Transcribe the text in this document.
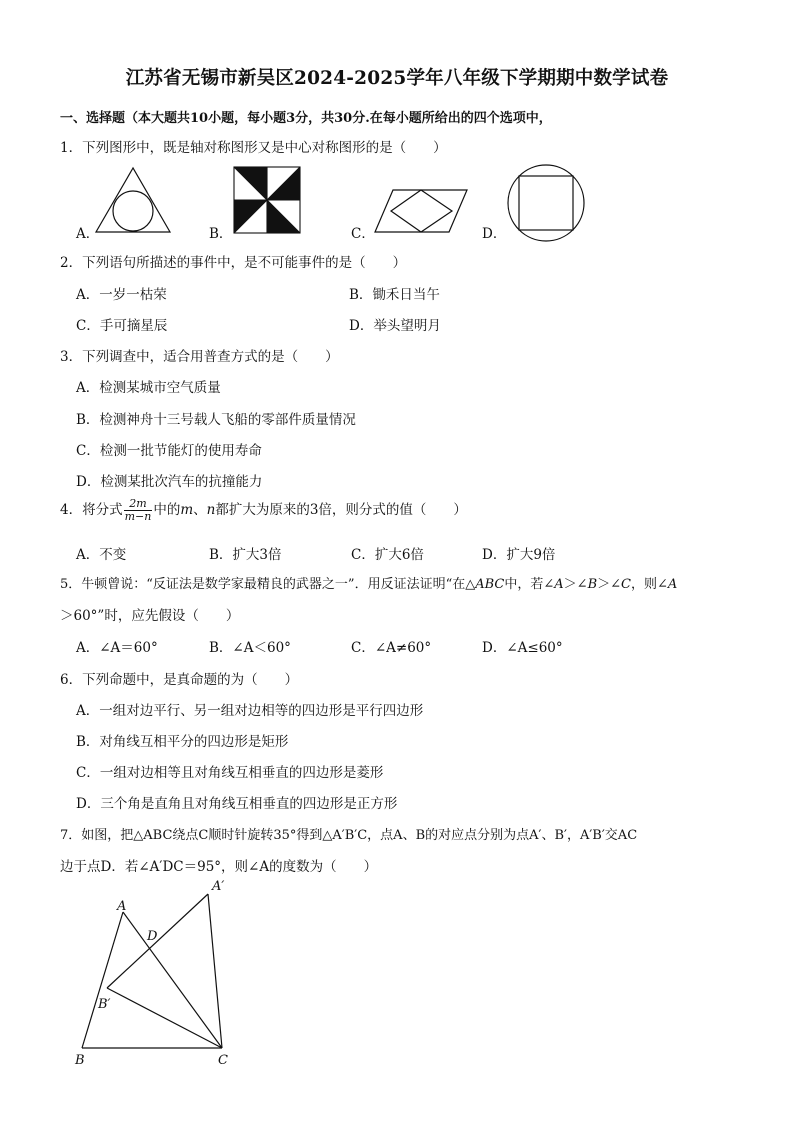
江苏省无锡市新吴区2024-2025学年八年级下学期期中数学试卷
一、选择题（本大题共10小题，每小题3分，共30分.在每小题所给出的四个选项中，
1．下列图形中，既是轴对称图形又是中心对称图形的是（　　）
A．	B．	C．	D．
2．下列语句所描述的事件中，是不可能事件的是（　　）
A．一岁一枯荣	B．锄禾日当午
C．手可摘星辰	D．举头望明月
3．下列调查中，适合用普查方式的是（　　）
A．检测某城市空气质量
B．检测神舟十三号载人飞船的零部件质量情况
C．检测一批节能灯的使用寿命
D．检测某批次汽车的抗撞能力
4．将分式 $\frac{2m}{m-n}$ 中的m、n都扩大为原来的3倍，则分式的值（　　）
A．不变	B．扩大3倍	C．扩大6倍	D．扩大9倍
5．牛顿曾说：“反证法是数学家最精良的武器之一”．用反证法证明“在△ABC中，若∠A＞∠B＞∠C，则∠A
＞60°”时，应先假设（　　）
A．∠A＝60°	B．∠A＜60°	C．∠A≠60°	D．∠A≤60°
6．下列命题中，是真命题的为（　　）
A．一组对边平行、另一组对边相等的四边形是平行四边形
B．对角线互相平分的四边形是矩形
C．一组对边相等且对角线互相垂直的四边形是菱形
D．三个角是直角且对角线互相垂直的四边形是正方形
7．如图，把△ABC绕点C顺时针旋转35°得到△A′B′C，点A、B的对应点分别为点A′、B′，A′B′交AC
边于点D．若∠A′DC＝95°，则∠A的度数为（　　）
A
D
A′
B′
B	C
